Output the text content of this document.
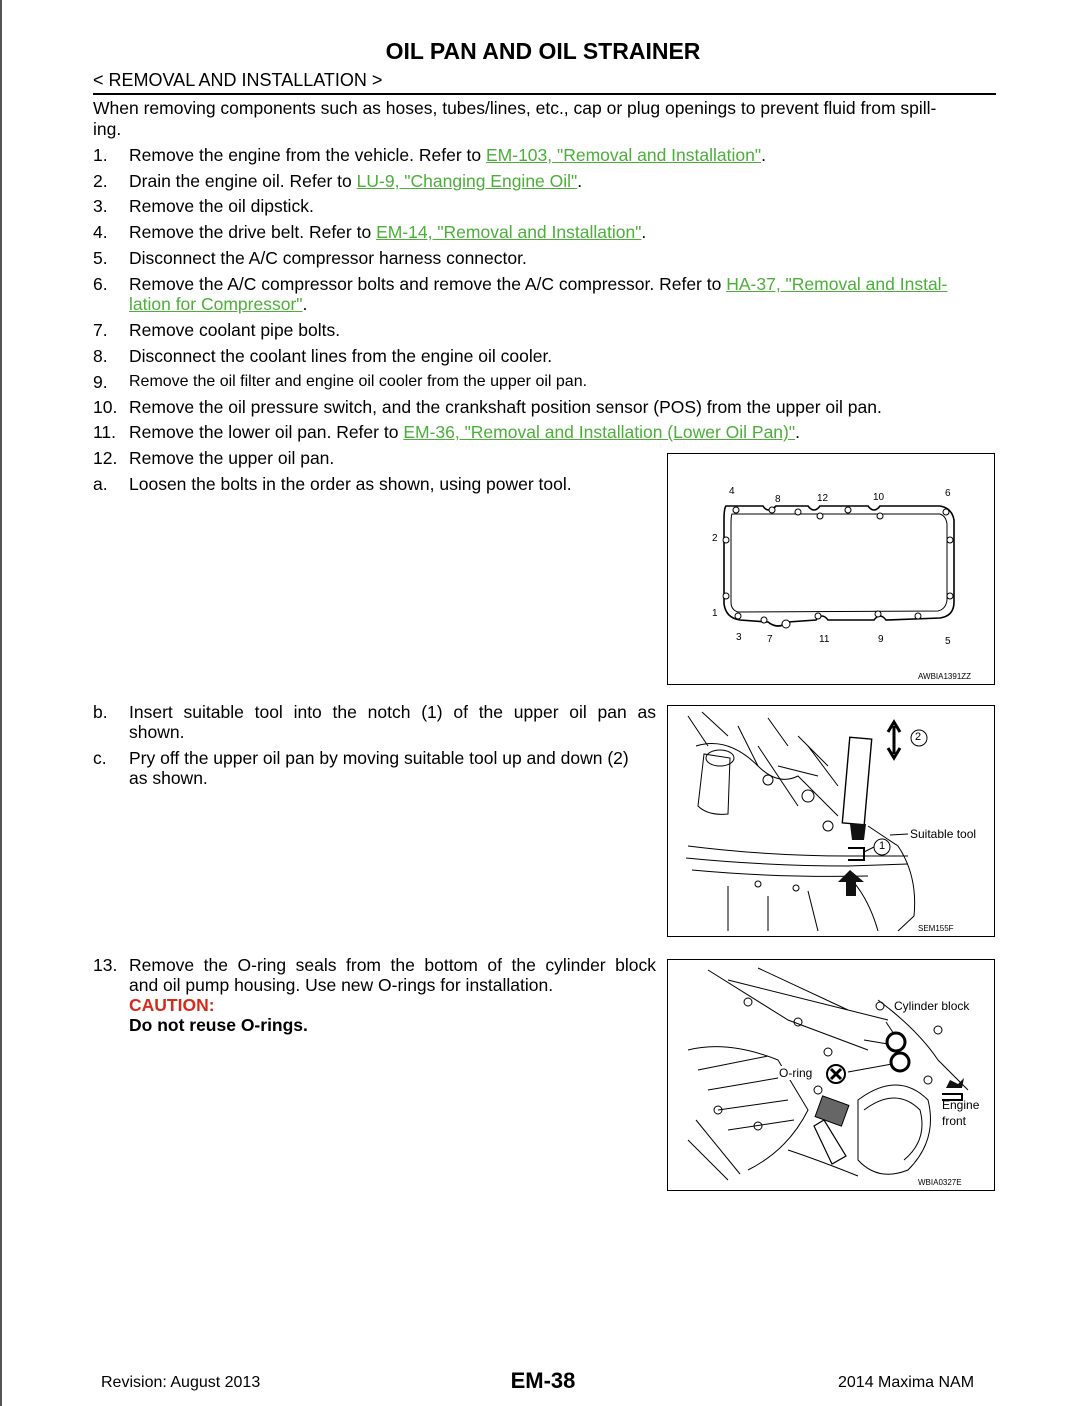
OIL PAN AND OIL STRAINER
< REMOVAL AND INSTALLATION >
When removing components such as hoses, tubes/lines, etc., cap or plug openings to prevent fluid from spill-
ing.
1. Remove the engine from the vehicle. Refer to EM-103, "Removal and Installation".
2. Drain the engine oil. Refer to LU-9, "Changing Engine Oil".
3. Remove the oil dipstick.
4. Remove the drive belt. Refer to EM-14, "Removal and Installation".
5. Disconnect the A/C compressor harness connector.
6. Remove the A/C compressor bolts and remove the A/C compressor. Refer to HA-37, "Removal and Instal-
lation for Compressor".
7. Remove coolant pipe bolts.
8. Disconnect the coolant lines from the engine oil cooler.
9. Remove the oil filter and engine oil cooler from the upper oil pan.
10. Remove the oil pressure switch, and the crankshaft position sensor (POS) from the upper oil pan.
11. Remove the lower oil pan. Refer to EM-36, "Removal and Installation (Lower Oil Pan)".
12. Remove the upper oil pan.
a. Loosen the bolts in the order as shown, using power tool.
b. Insert suitable tool into the notch (1) of the upper oil pan as
shown.
c. Pry off the upper oil pan by moving suitable tool up and down (2)
as shown.
13. Remove the O-ring seals from the bottom of the cylinder block
and oil pump housing. Use new O-rings for installation.
CAUTION:
Do not reuse O-rings.
4
8	12	10	6
2
1
3	7	11	9	5
AWBIA1391ZZ
2
1
Suitable tool
SEM155F
Cylinder block
O-ring
Engine
front
WBIA0327E
Revision: August 2013	EM-38	2014 Maxima NAM
